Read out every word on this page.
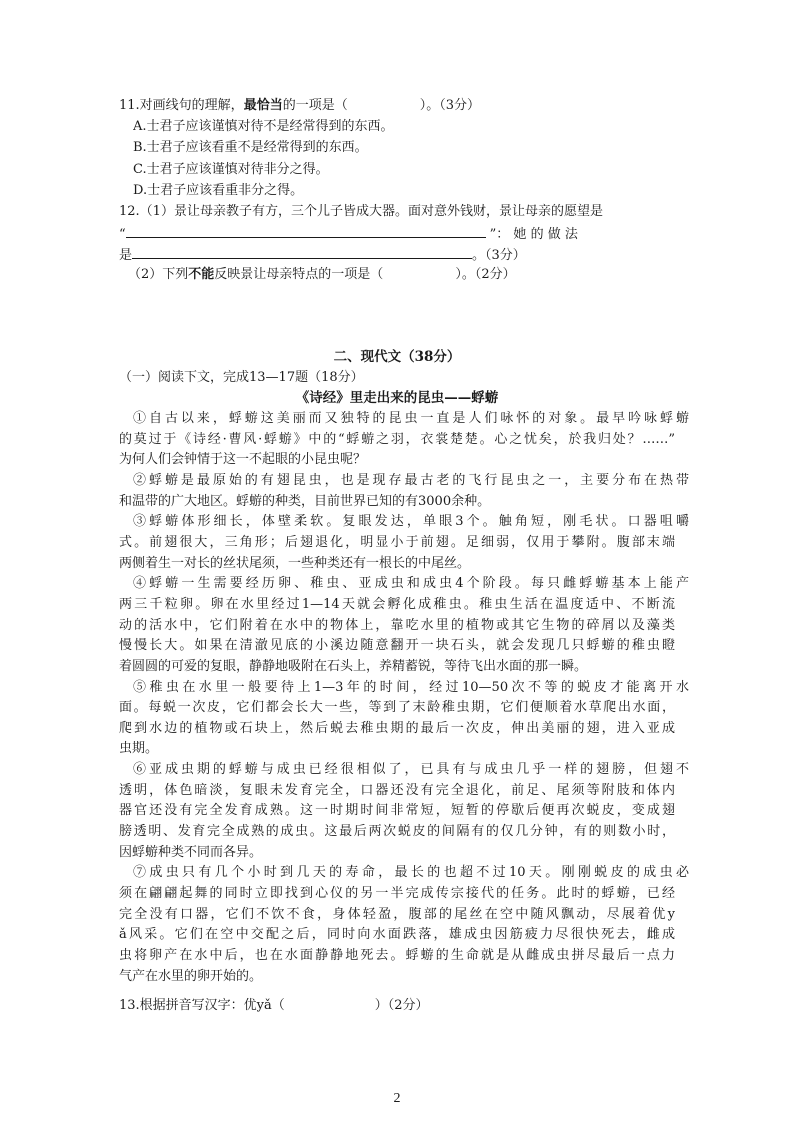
11.对画线句的理解，最恰当的一项是（	）。（3分）
A.士君子应该谨慎对待不是经常得到的东西。
B.士君子应该看重不是经常得到的东西。
C.士君子应该谨慎对待非分之得。
D.士君子应该看重非分之得。
12.（1）景让母亲教子有方，三个儿子皆成大器。面对意外钱财，景让母亲的愿望是
“	”： 她 的 做 法
是	。（3分）
（2）下列不能反映景让母亲特点的一项是（	）。（2分）
二、现代文（38分）
（一）阅读下文，完成13—17题（18分）
《诗经》里走出来的昆虫——蜉蝣
①自古以来，蜉蝣这美丽而又独特的昆虫一直是人们咏怀的对象。最早吟咏蜉蝣
的莫过于《诗经·曹风·蜉蝣》中的“蜉蝣之羽，衣裳楚楚。心之忧矣，於我归处？……”
为何人们会钟情于这一不起眼的小昆虫呢？
②蜉蝣是最原始的有翅昆虫，也是现存最古老的飞行昆虫之一，主要分布在热带
和温带的广大地区。蜉蝣的种类，目前世界已知的有3000余种。
③蜉蝣体形细长，体壁柔软。复眼发达，单眼3个。触角短，刚毛状。口器咀嚼
式。前翅很大，三角形；后翅退化，明显小于前翅。足细弱，仅用于攀附。腹部末端
两侧着生一对长的丝状尾须，一些种类还有一根长的中尾丝。
④蜉蝣一生需要经历卵、稚虫、亚成虫和成虫4个阶段。每只雌蜉蝣基本上能产
两三千粒卵。卵在水里经过1—14天就会孵化成稚虫。稚虫生活在温度适中、不断流
动的活水中，它们附着在水中的物体上，靠吃水里的植物或其它生物的碎屑以及藻类
慢慢长大。如果在清澈见底的小溪边随意翻开一块石头，就会发现几只蜉蝣的稚虫瞪
着圆圆的可爱的复眼，静静地吸附在石头上，养精蓄锐，等待飞出水面的那一瞬。
⑤稚虫在水里一般要待上1—3年的时间，经过10—50次不等的蜕皮才能离开水
面。每蜕一次皮，它们都会长大一些，等到了末龄稚虫期，它们便顺着水草爬出水面，
爬到水边的植物或石块上，然后蜕去稚虫期的最后一次皮，伸出美丽的翅，进入亚成
虫期。
⑥亚成虫期的蜉蝣与成虫已经很相似了，已具有与成虫几乎一样的翅膀，但翅不
透明，体色暗淡，复眼未发育完全，口器还没有完全退化，前足、尾须等附肢和体内
器官还没有完全发育成熟。这一时期时间非常短，短暂的停歇后便再次蜕皮，变成翅
膀透明、发育完全成熟的成虫。这最后两次蜕皮的间隔有的仅几分钟，有的则数小时，
因蜉蝣种类不同而各异。
⑦成虫只有几个小时到几天的寿命，最长的也超不过10天。刚刚蜕皮的成虫必
须在翩翩起舞的同时立即找到心仪的另一半完成传宗接代的任务。此时的蜉蝣，已经
完全没有口器，它们不饮不食，身体轻盈，腹部的尾丝在空中随风飘动，尽展着优y
ǎ风采。它们在空中交配之后，同时向水面跌落，雄成虫因筋疲力尽很快死去，雌成
虫将卵产在水中后，也在水面静静地死去。蜉蝣的生命就是从雌成虫拼尽最后一点力
气产在水里的卵开始的。
13.根据拼音写汉字：优yǎ（	）（2分）
2
